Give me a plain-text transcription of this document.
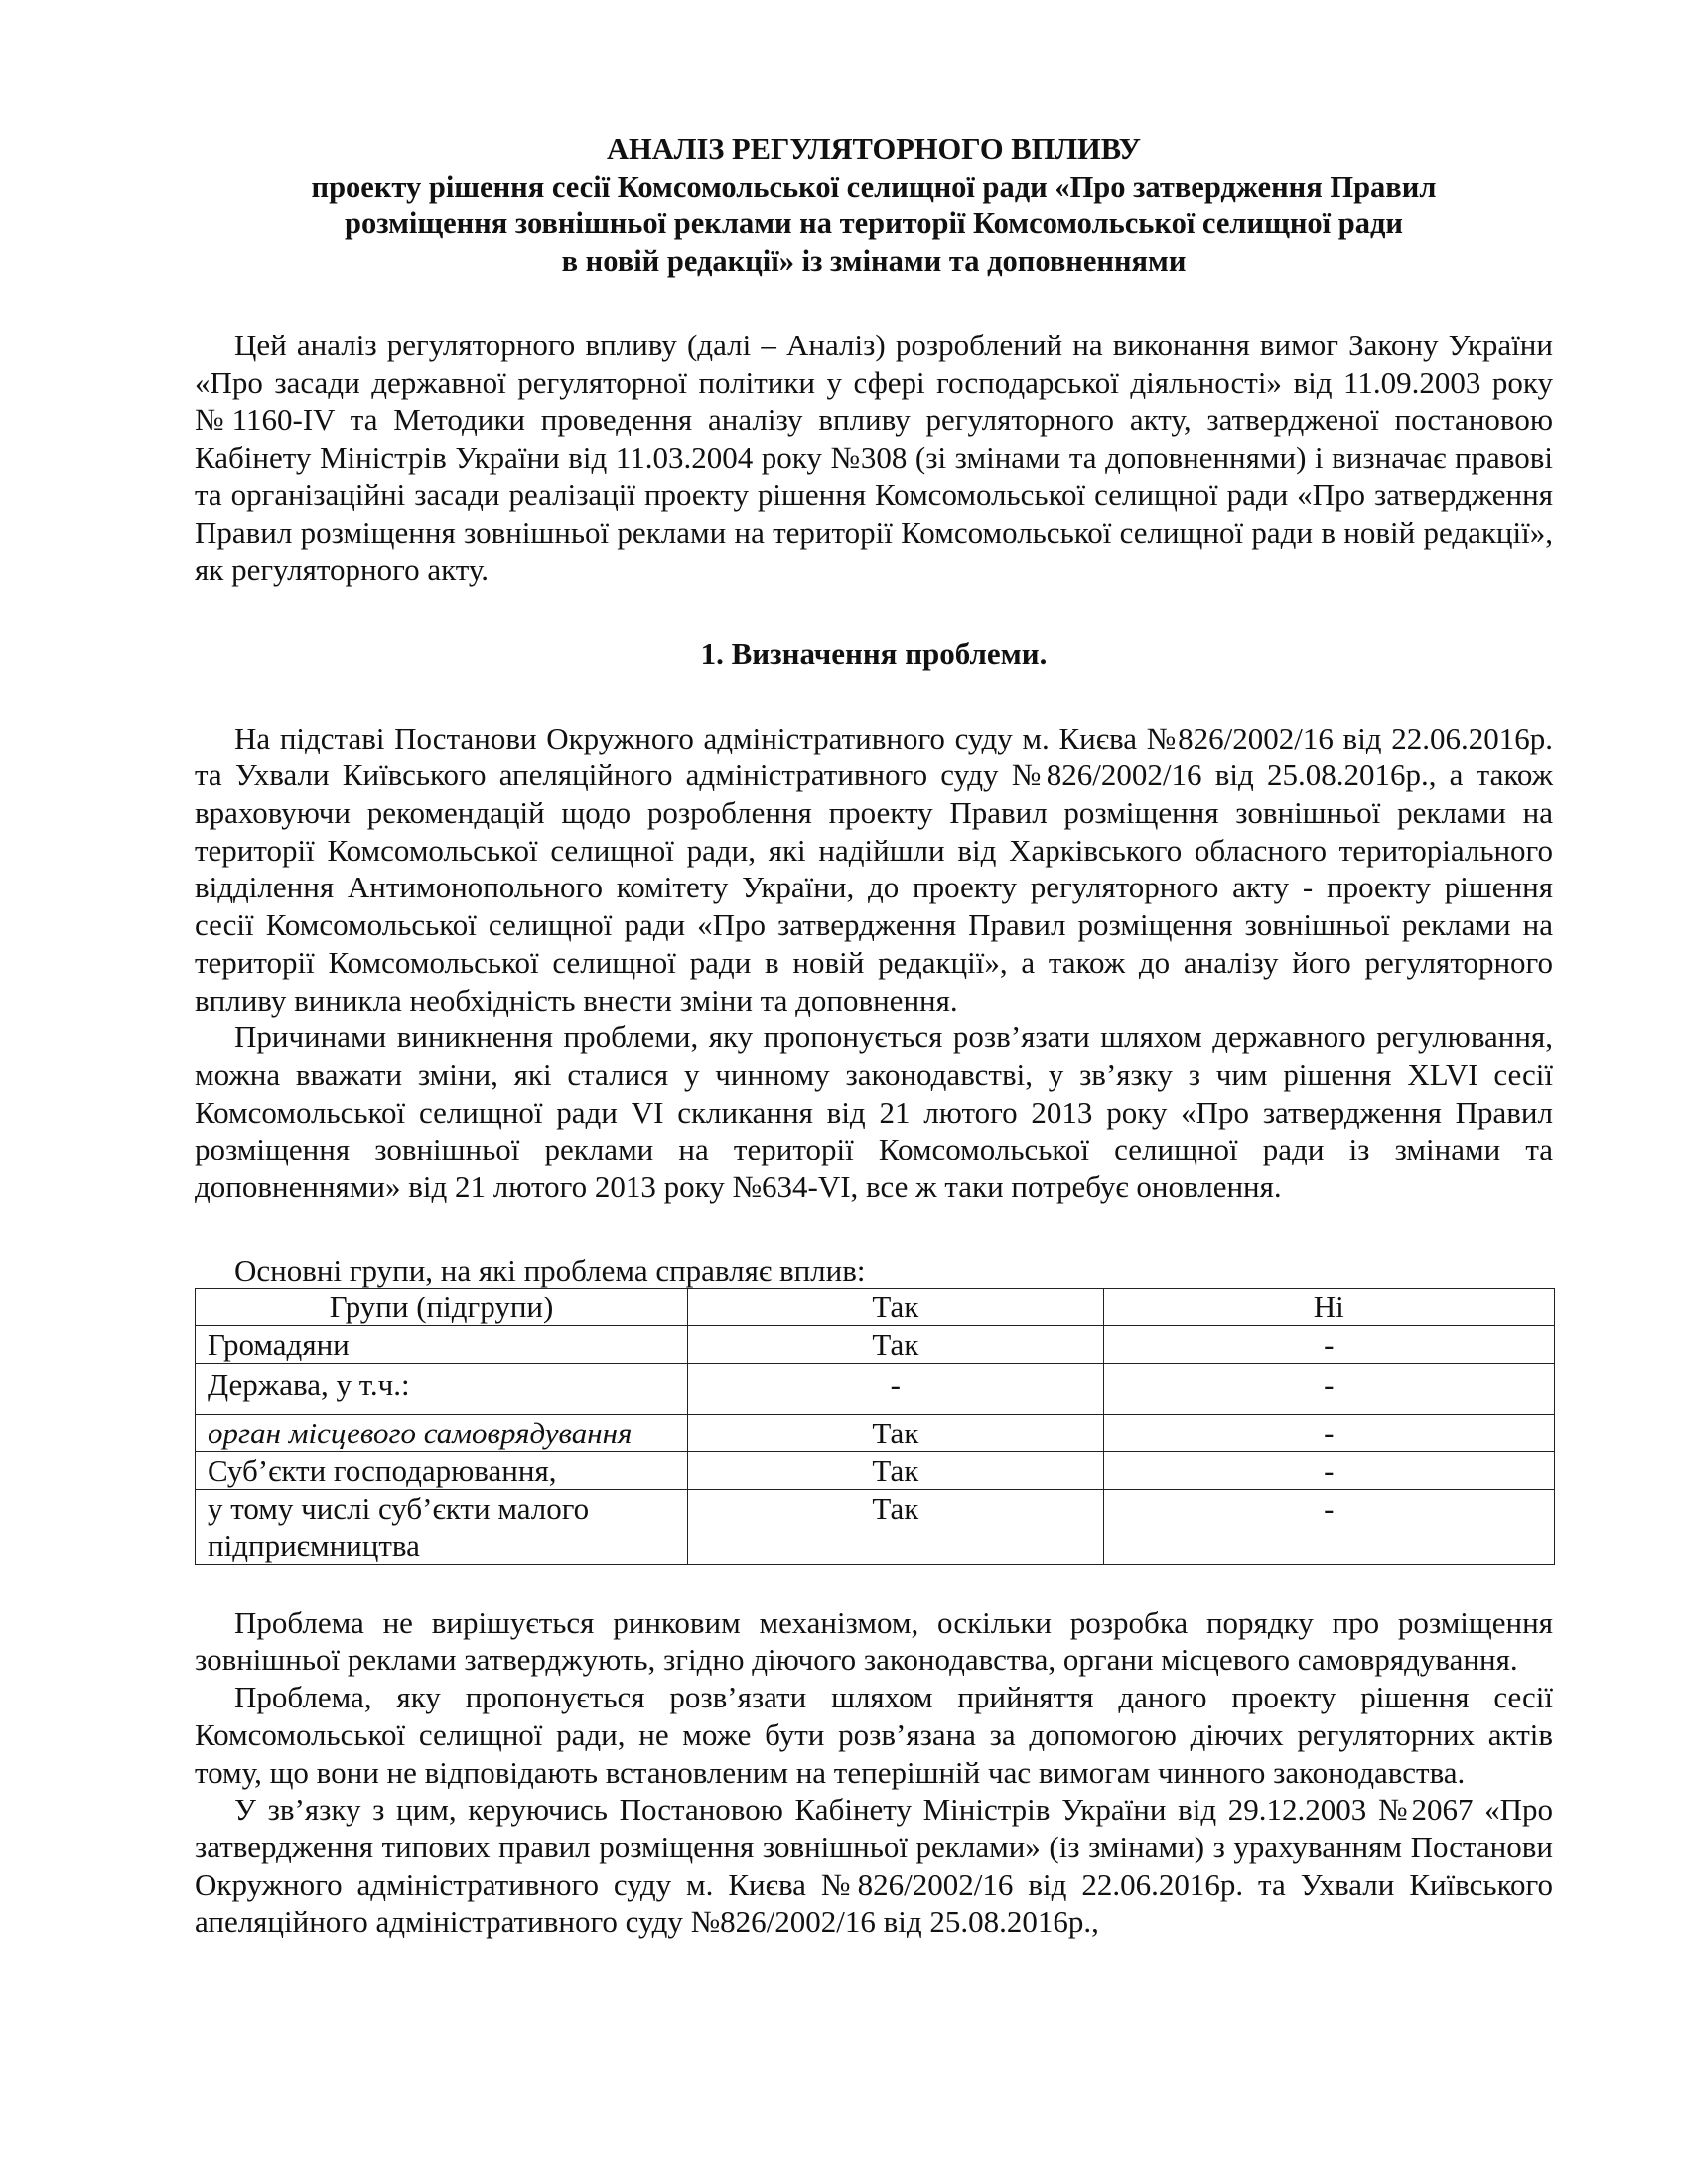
АНАЛІЗ РЕГУЛЯТОРНОГО ВПЛИВУ
проекту рішення сесії Комсомольської селищної ради «Про затвердження Правил
розміщення зовнішньої реклами на території Комсомольської селищної ради
в новій редакції» із змінами та доповненнями

Цей аналіз регуляторного впливу (далі – Аналіз) розроблений на виконання вимог Закону України «Про засади державної регуляторної політики у сфері господарської діяльності» від 11.09.2003 року №1160-IV та Методики проведення аналізу впливу регуляторного акту, затвердженої постановою Кабінету Міністрів України від 11.03.2004 року №308 (зі змінами та доповненнями) і визначає правові та організаційні засади реалізації проекту рішення Комсомольської селищної ради «Про затвердження Правил розміщення зовнішньої реклами на території Комсомольської селищної ради в новій редакції», як регуляторного акту.

1. Визначення проблеми.

На підставі Постанови Окружного адміністративного суду м. Києва №826/2002/16 від 22.06.2016р. та Ухвали Київського апеляційного адміністративного суду №826/2002/16 від 25.08.2016р., а також враховуючи рекомендацій щодо розроблення проекту Правил розміщення зовнішньої реклами на території Комсомольської селищної ради, які надійшли від Харківського обласного територіального відділення Антимонопольного комітету України, до проекту регуляторного акту - проекту рішення сесії Комсомольської селищної ради «Про затвердження Правил розміщення зовнішньої реклами на території Комсомольської селищної ради в новій редакції», а також до аналізу його регуляторного впливу виникла необхідність внести зміни та доповнення.

Причинами виникнення проблеми, яку пропонується розв’язати шляхом державного регулювання, можна вважати зміни, які сталися у чинному законодавстві, у зв’язку з чим рішення XLVI сесії Комсомольської селищної ради VI скликання від 21 лютого 2013 року «Про затвердження Правил розміщення зовнішньої реклами на території Комсомольської селищної ради із змінами та доповненнями» від 21 лютого 2013 року №634-VI, все ж таки потребує оновлення.

Основні групи, на які проблема справляє вплив:

Групи (підгрупи)	Так	Ні
Громадяни	Так	-
Держава, у т.ч.:	-	-
орган місцевого самоврядування	Так	-
Суб’єкти господарювання,	Так	-
у тому числі суб’єкти малого підприємництва	Так	-

Проблема не вирішується ринковим механізмом, оскільки розробка порядку про розміщення зовнішньої реклами затверджують, згідно діючого законодавства, органи місцевого самоврядування.

Проблема, яку пропонується розв’язати шляхом прийняття даного проекту рішення сесії Комсомольської селищної ради, не може бути розв’язана за допомогою діючих регуляторних актів тому, що вони не відповідають встановленим на теперішній час вимогам чинного законодавства.

У зв’язку з цим, керуючись Постановою Кабінету Міністрів України від 29.12.2003 №2067 «Про затвердження типових правил розміщення зовнішньої реклами» (із змінами) з урахуванням Постанови Окружного адміністративного суду м. Києва №826/2002/16 від 22.06.2016р. та Ухвали Київського апеляційного адміністративного суду №826/2002/16 від 25.08.2016р.,
